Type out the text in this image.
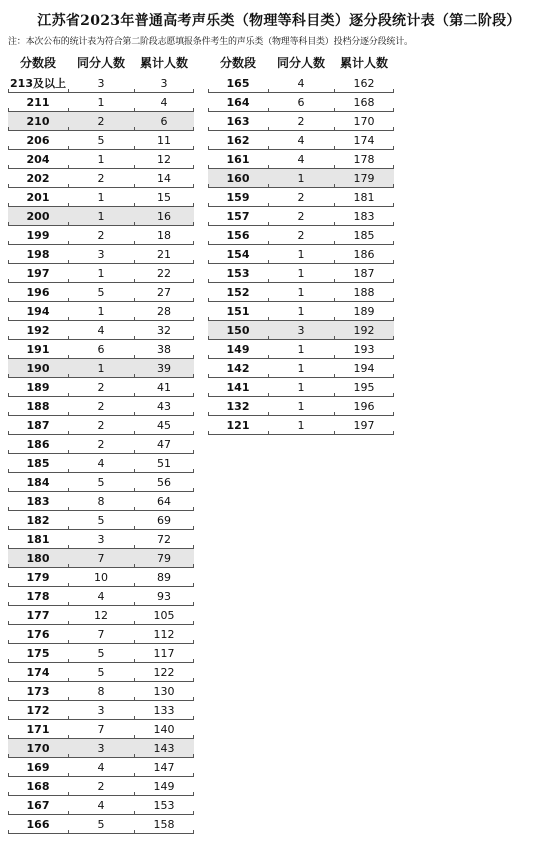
江苏省2023年普通高考声乐类（物理等科目类）逐分段统计表（第二阶段）
注：本次公布的统计表为符合第二阶段志愿填报条件考生的声乐类（物理等科目类）投档分逐分段统计。
分数段	同分人数	累计人数
213及以上	3	3
211	1	4
210	2	6
206	5	11
204	1	12
202	2	14
201	1	15
200	1	16
199	2	18
198	3	21
197	1	22
196	5	27
194	1	28
192	4	32
191	6	38
190	1	39
189	2	41
188	2	43
187	2	45
186	2	47
185	4	51
184	5	56
183	8	64
182	5	69
181	3	72
180	7	79
179	10	89
178	4	93
177	12	105
176	7	112
175	5	117
174	5	122
173	8	130
172	3	133
171	7	140
170	3	143
169	4	147
168	2	149
167	4	153
166	5	158
分数段	同分人数	累计人数
165	4	162
164	6	168
163	2	170
162	4	174
161	4	178
160	1	179
159	2	181
157	2	183
156	2	185
154	1	186
153	1	187
152	1	188
151	1	189
150	3	192
149	1	193
142	1	194
141	1	195
132	1	196
121	1	197
